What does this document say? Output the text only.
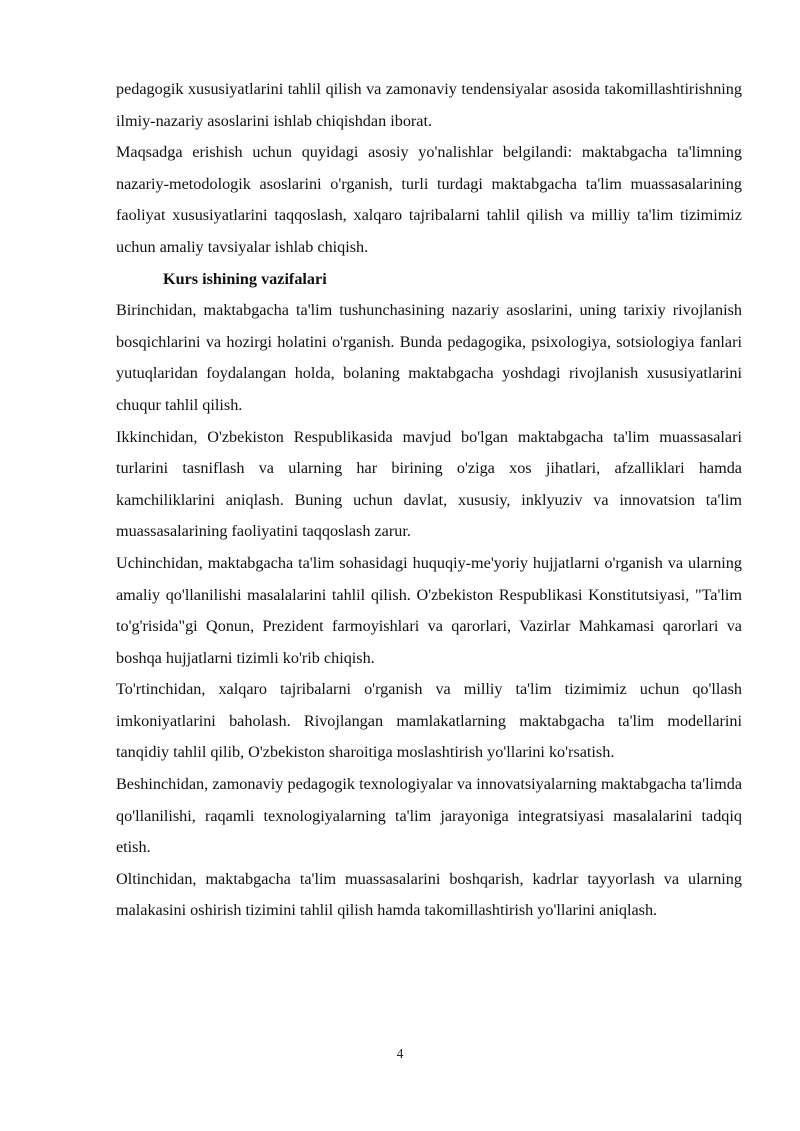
pedagogik xususiyatlarini tahlil qilish va zamonaviy tendensiyalar asosida takomillashtirishning ilmiy-nazariy asoslarini ishlab chiqishdan iborat.

Maqsadga erishish uchun quyidagi asosiy yo'nalishlar belgilandi: maktabgacha ta'limning nazariy-metodologik asoslarini o'rganish, turli turdagi maktabgacha ta'lim muassasalarining faoliyat xususiyatlarini taqqoslash, xalqaro tajribalarni tahlil qilish va milliy ta'lim tizimimiz uchun amaliy tavsiyalar ishlab chiqish.

Kurs ishining vazifalari

Birinchidan, maktabgacha ta'lim tushunchasining nazariy asoslarini, uning tarixiy rivojlanish bosqichlarini va hozirgi holatini o'rganish. Bunda pedagogika, psixologiya, sotsiologiya fanlari yutuqlaridan foydalangan holda, bolaning maktabgacha yoshdagi rivojlanish xususiyatlarini chuqur tahlil qilish.

Ikkinchidan, O'zbekiston Respublikasida mavjud bo'lgan maktabgacha ta'lim muassasalari turlarini tasniflash va ularning har birining o'ziga xos jihatlari, afzalliklari hamda kamchiliklarini aniqlash. Buning uchun davlat, xususiy, inklyuziv va innovatsion ta'lim muassasalarining faoliyatini taqqoslash zarur.

Uchinchidan, maktabgacha ta'lim sohasidagi huquqiy-me'yoriy hujjatlarni o'rganish va ularning amaliy qo'llanilishi masalalarini tahlil qilish. O'zbekiston Respublikasi Konstitutsiyasi, "Ta'lim to'g'risida"gi Qonun, Prezident farmoyishlari va qarorlari, Vazirlar Mahkamasi qarorlari va boshqa hujjatlarni tizimli ko'rib chiqish.

To'rtinchidan, xalqaro tajribalarni o'rganish va milliy ta'lim tizimimiz uchun qo'llash imkoniyatlarini baholash. Rivojlangan mamlakatlarning maktabgacha ta'lim modellarini tanqidiy tahlil qilib, O'zbekiston sharoitiga moslashtirish yo'llarini ko'rsatish.

Beshinchidan, zamonaviy pedagogik texnologiyalar va innovatsiyalarning maktabgacha ta'limda qo'llanilishi, raqamli texnologiyalarning ta'lim jarayoniga integratsiyasi masalalarini tadqiq etish.

Oltinchidan, maktabgacha ta'lim muassasalarini boshqarish, kadrlar tayyorlash va ularning malakasini oshirish tizimini tahlil qilish hamda takomillashtirish yo'llarini aniqlash.

4
